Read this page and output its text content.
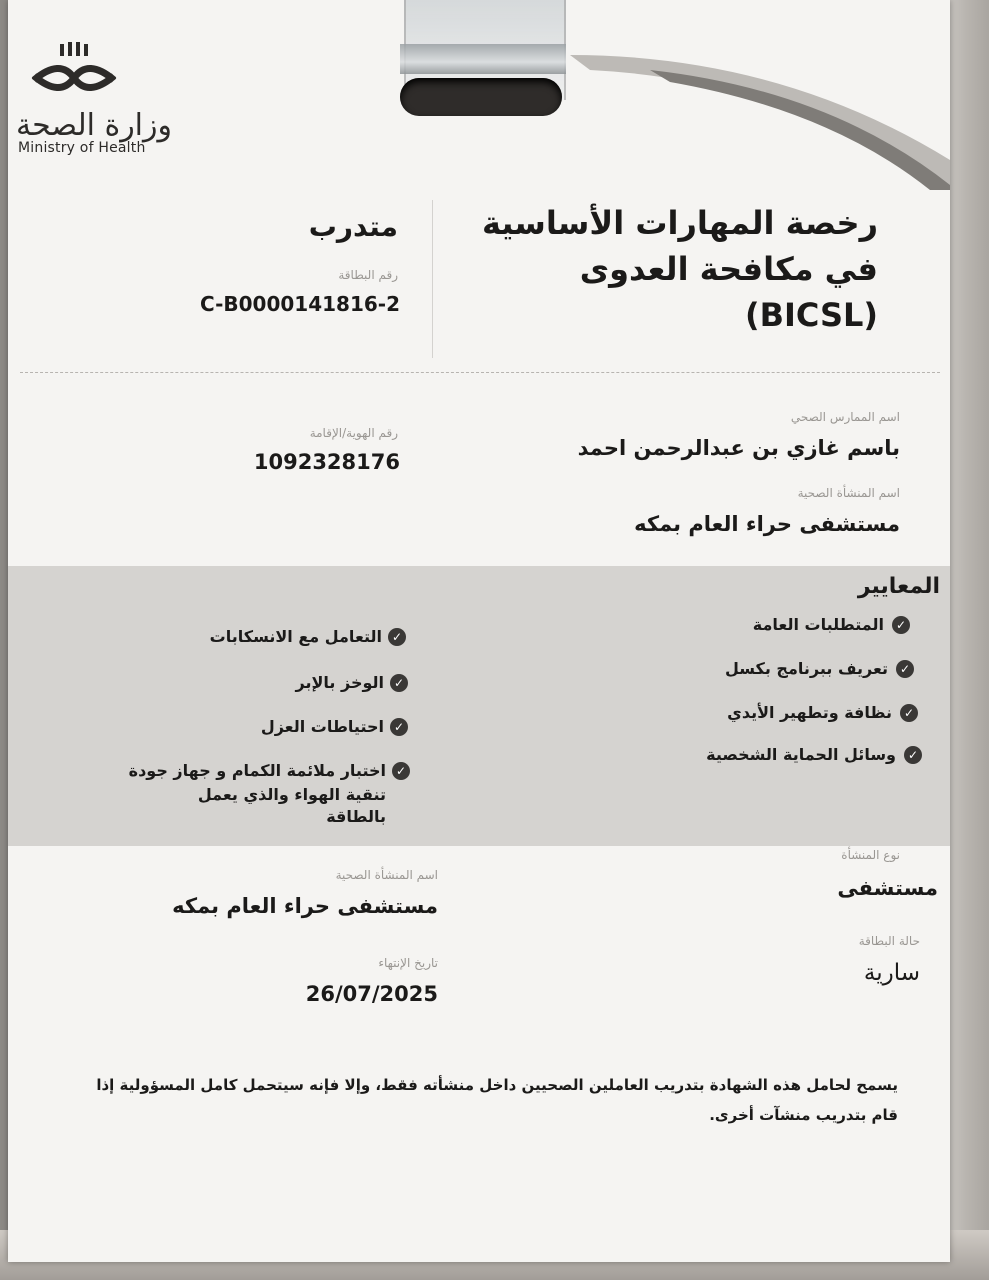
وزارة الصحة
Ministry of Health
رخصة المهارات الأساسية
في مكافحة العدوى
(BICSL)
متدرب
رقم البطاقة
C-B0000141816-2
اسم الممارس الصحي
باسم غازي بن عبدالرحمن احمد
رقم الهوية/الإقامة
1092328176
اسم المنشأة الصحية
مستشفى حراء العام بمكه
المعايير
✓
المتطلبات العامة
✓
تعريف ببرنامج بكسل
✓
نظافة وتطهير الأيدي
✓
وسائل الحماية الشخصية
✓
التعامل مع الانسكابات
✓
الوخز بالإبر
✓
احتياطات العزل
✓
اختبار ملائمة الكمام و جهاز جودة
تنقية الهواء والذي يعمل بالطاقة
نوع المنشأة
مستشفى
اسم المنشأة الصحية
مستشفى حراء العام بمكه
حالة البطاقة
سارية
تاريخ الإنتهاء
26/07/2025
يسمح لحامل هذه الشهادة بتدريب العاملين الصحيين داخل منشأته فقط، وإلا فإنه سيتحمل كامل المسؤولية إذا
قام بتدريب منشآت أخرى.
